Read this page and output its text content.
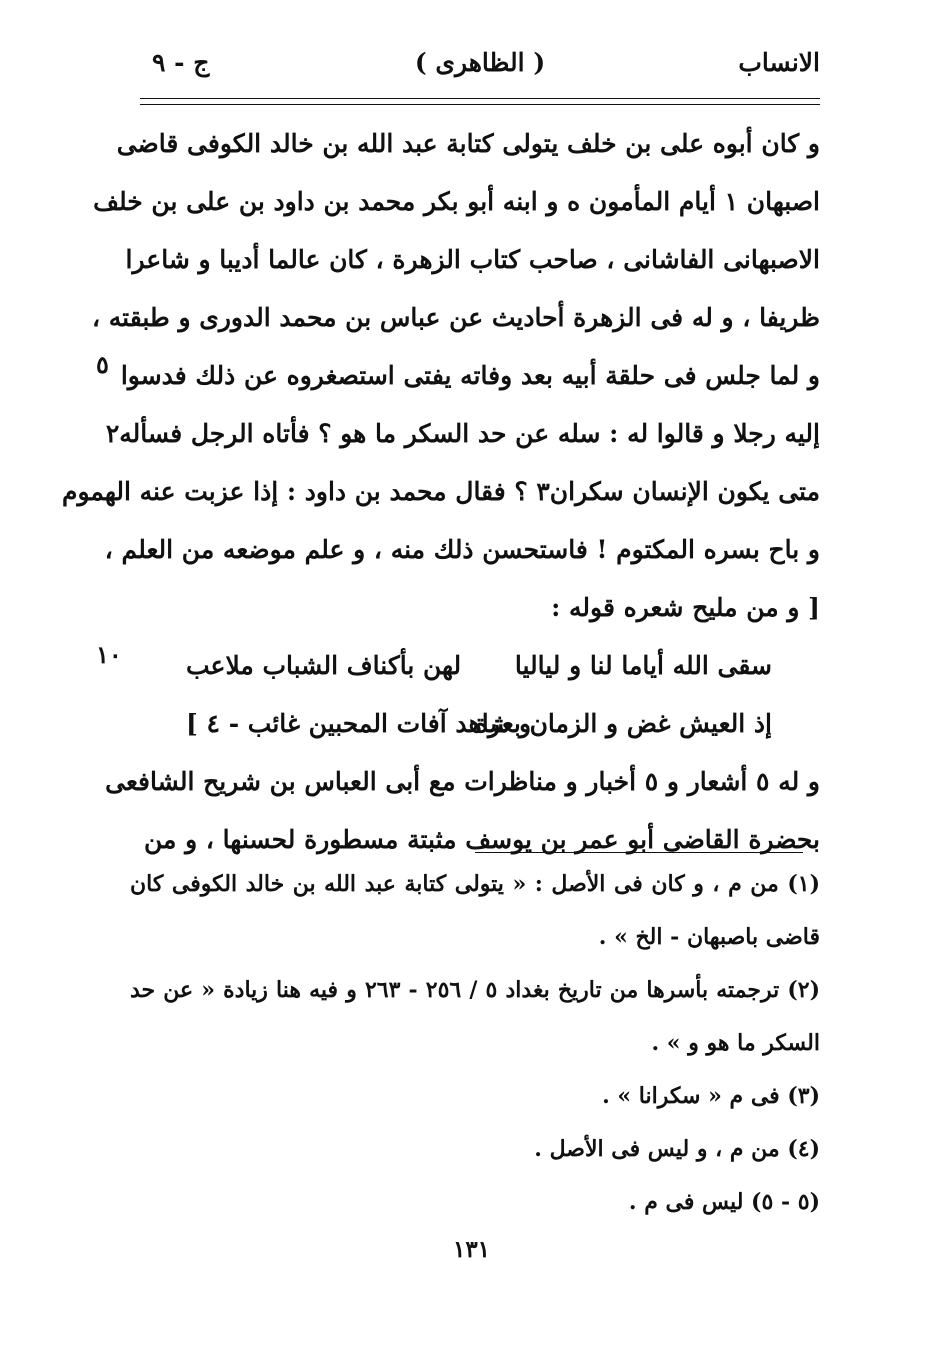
الانساب
( الظاهرى )
ج - ٩
و كان أبوه على بن خلف يتولى كتابة عبد الله بن خالد الكوفى قاضى
اصبهان ١ أيام المأمون ه و ابنه أبو بكر محمد بن داود بن على بن خلف
الاصبهانى الفاشانى ، صاحب كتاب الزهرة ، كان عالما أديبا و شاعرا
ظريفا ، و له فى الزهرة أحاديث عن عباس بن محمد الدورى و طبقته ،
و لما جلس فى حلقة أبيه بعد وفاته يفتى استصغروه عن ذلك فدسوا
إليه رجلا و قالوا له : سله عن حد السكر ما هو ؟ فأتاه الرجل فسأله٢
متى يكون الإنسان سكران٣ ؟ فقال محمد بن داود : إذا عزبت عنه الهموم
و باح بسره المكتوم ! فاستحسن ذلك منه ، و علم موضعه من العلم ،
[ و من مليح شعره قوله :
سقى الله أياما لنا و لياليا
لهن بأكناف الشباب ملاعب
إذ العيش غض و الزمان بعزة
و شاهد آفات المحبين غائب - ٤ ]
و له ٥ أشعار و ٥ أخبار و مناظرات مع أبى العباس بن شريح الشافعى
بحضرة القاضى أبو عمر بن يوسف مثبتة مسطورة لحسنها ، و من
٥
١٠
(١) من م ، و كان فى الأصل : « يتولى كتابة عبد الله بن خالد الكوفى كان
قاضى باصبهان - الخ » .
(٢) ترجمته بأسرها من تاريخ بغداد ٥ / ٢٥٦ - ٢٦٣ و فيه هنا زيادة « عن حد
السكر ما هو و » .
(٣) فى م « سكرانا » .
(٤) من م ، و ليس فى الأصل .
(٥ - ٥) ليس فى م .
١٣١
